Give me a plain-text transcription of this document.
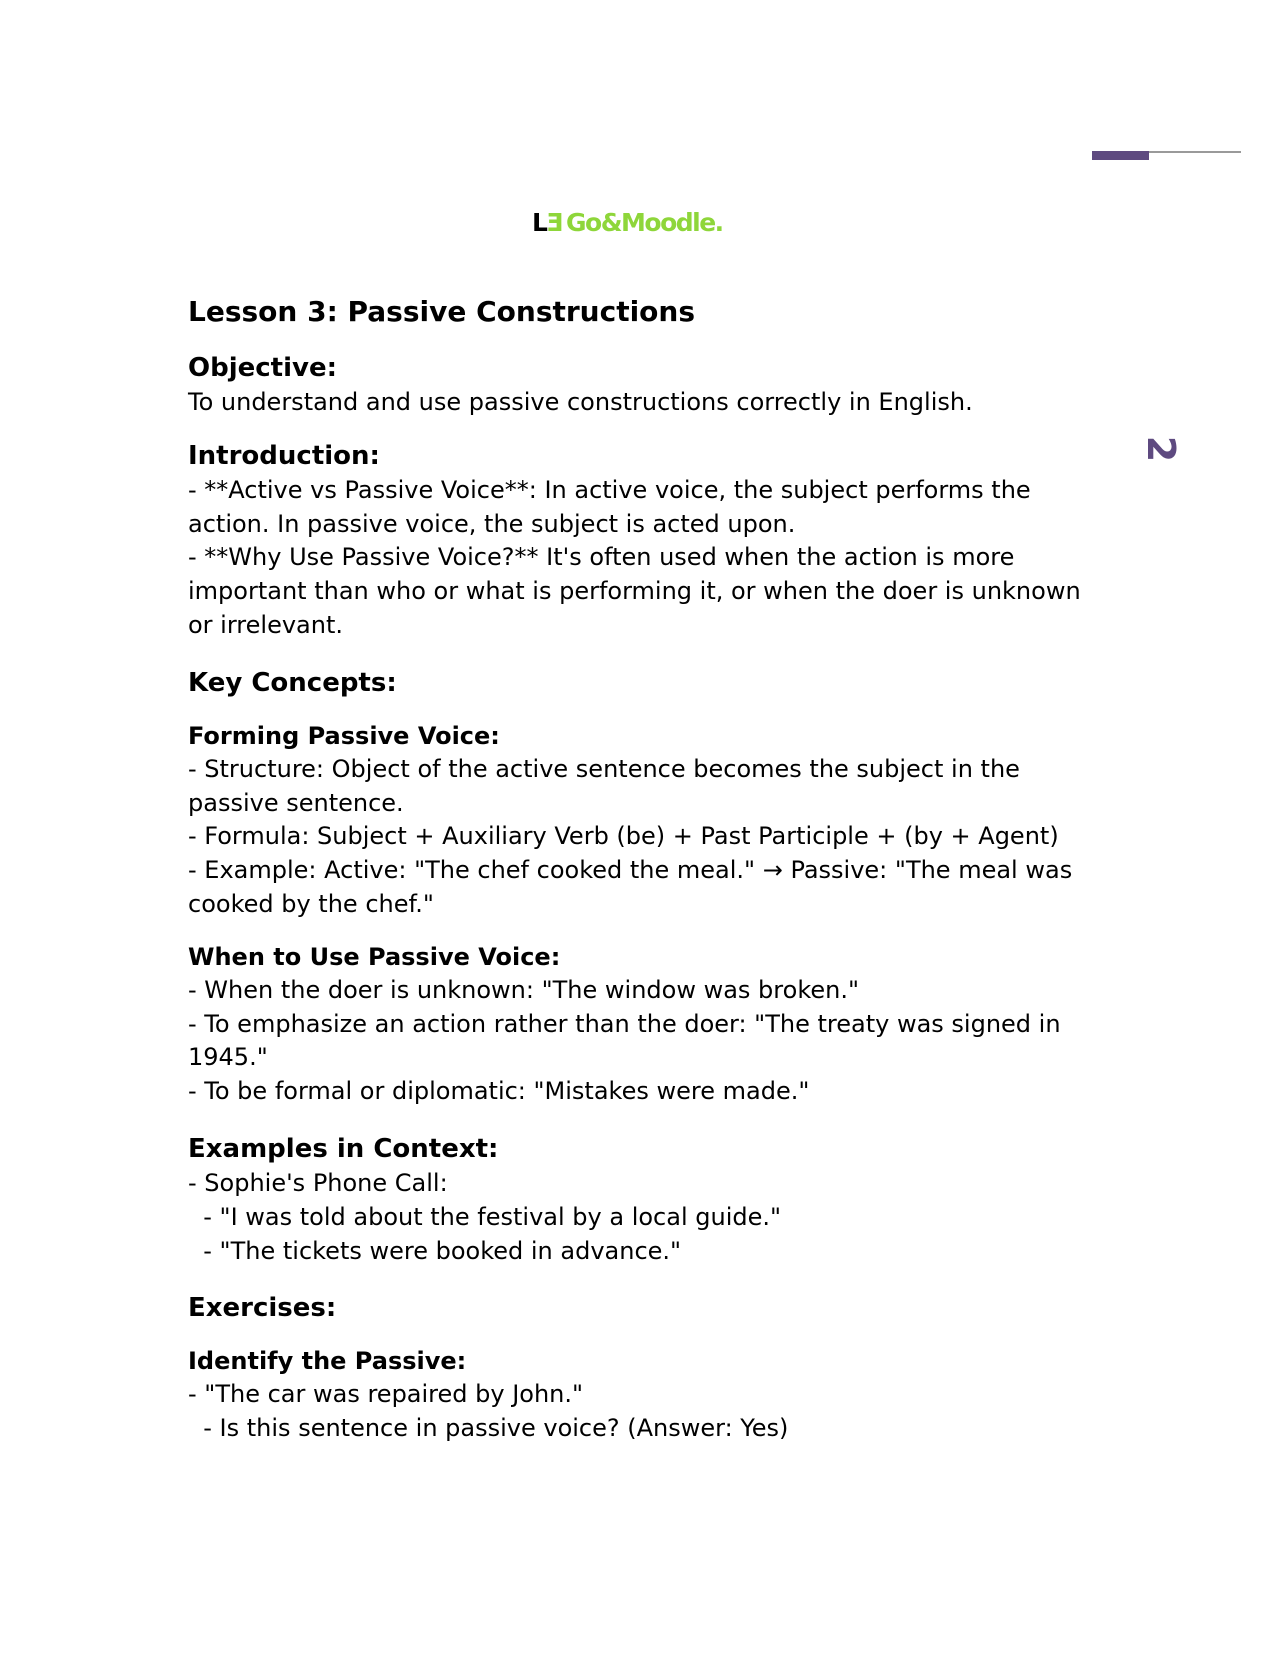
2
L E Go&Moodle.
Lesson 3: Passive Constructions
Objective:
To understand and use passive constructions correctly in English.
Introduction:
- **Active vs Passive Voice**: In active voice, the subject performs the action. In passive voice, the subject is acted upon.
- **Why Use Passive Voice?** It's often used when the action is more important than who or what is performing it, or when the doer is unknown or irrelevant.
Key Concepts:
Forming Passive Voice:
- Structure: Object of the active sentence becomes the subject in the passive sentence.
- Formula: Subject + Auxiliary Verb (be) + Past Participle + (by + Agent)
- Example: Active: "The chef cooked the meal." → Passive: "The meal was cooked by the chef."
When to Use Passive Voice:
- When the doer is unknown: "The window was broken."
- To emphasize an action rather than the doer: "The treaty was signed in 1945."
- To be formal or diplomatic: "Mistakes were made."
Examples in Context:
- Sophie's Phone Call:
- "I was told about the festival by a local guide."
- "The tickets were booked in advance."
Exercises:
Identify the Passive:
- "The car was repaired by John."
- Is this sentence in passive voice? (Answer: Yes)
